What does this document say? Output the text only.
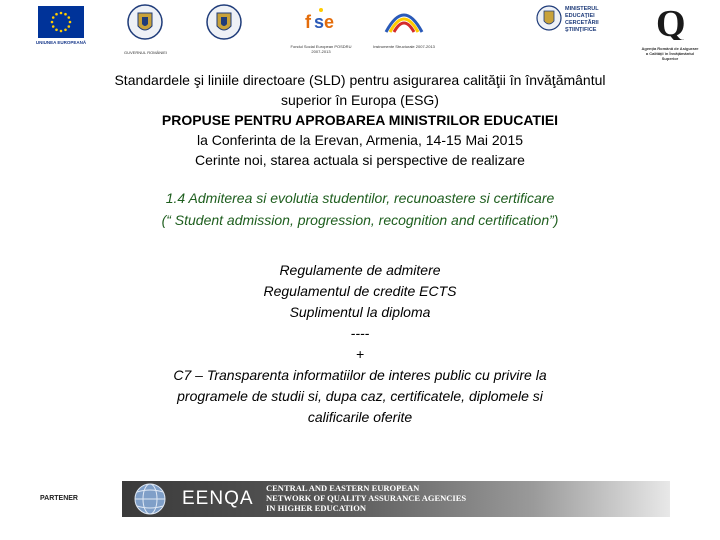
UNIUNEA EUROPEANĂ
GUVERNUL ROMÂNIEI
f s e
Fondul Social European POSDRU 2007-2013
Instrumente Structurale 2007-2013
MINISTERUL EDUCAŢIEI CERCETĂRII ŞTIINŢIFICE	Q
Agenţia Română de Asigurare a Calităţii în Învăţământul Superior
Standardele şi liniile directoare (SLD) pentru asigurarea calităţii în învăţământul
superior în Europa (ESG)
PROPUSE PENTRU APROBAREA MINISTRILOR EDUCATIEI
la Conferinta de la Erevan, Armenia, 14-15 Mai 2015
Cerinte noi, starea actuala si perspective de realizare
1.4 Admiterea si evolutia studentilor, recunoastere si certificare
(“ Student admission, progression, recognition and certification”)
Regulamente de admitere
Regulamentul de credite ECTS
Suplimentul la diploma
----
+
C7 – Transparenta informatiilor de interes public cu privire la
programele de studii si, dupa caz, certificatele, diplomele si
calificarile oferite
PARTENER	EENQA CENTRAL AND EASTERN EUROPEAN
NETWORK OF QUALITY ASSURANCE AGENCIES
IN HIGHER EDUCATION
